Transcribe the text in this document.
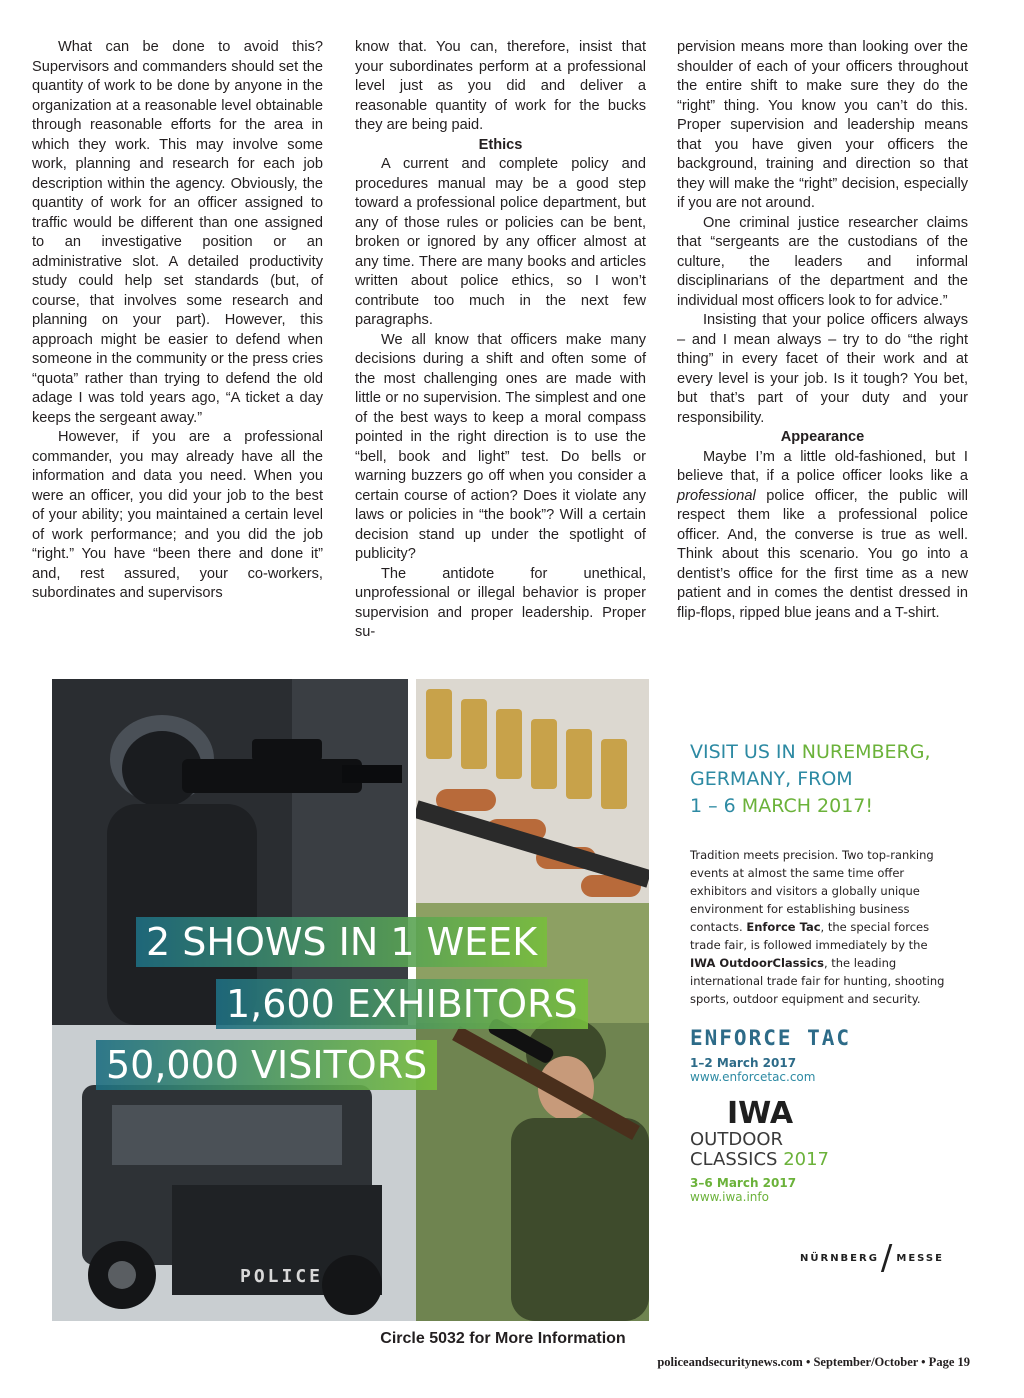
What can be done to avoid this? Supervisors and commanders should set the quantity of work to be done by anyone in the organization at a reasonable level obtainable through reasonable efforts for the area in which they work. This may involve some work, planning and research for each job description within the agency. Obviously, the quantity of work for an officer assigned to traffic would be different than one assigned to an investigative position or an administrative slot. A detailed productivity study could help set standards (but, of course, that involves some research and planning on your part). However, this approach might be easier to defend when someone in the community or the press cries “quota” rather than trying to defend the old adage I was told years ago, “A ticket a day keeps the sergeant away.”

However, if you are a professional commander, you may already have all the information and data you need. When you were an officer, you did your job to the best of your ability; you maintained a certain level of work performance; and you did the job “right.” You have “been there and done it” and, rest assured, your co-workers, subordinates and supervisors

know that. You can, therefore, insist that your subordinates perform at a professional level just as you did and deliver a reasonable quantity of work for the bucks they are being paid.

Ethics

A current and complete policy and procedures manual may be a good step toward a professional police department, but any of those rules or policies can be bent, broken or ignored by any officer almost at any time. There are many books and articles written about police ethics, so I won’t contribute too much in the next few paragraphs.

We all know that officers make many decisions during a shift and often some of the most challenging ones are made with little or no supervision. The simplest and one of the best ways to keep a moral compass pointed in the right direction is to use the “bell, book and light” test. Do bells or warning buzzers go off when you consider a certain course of action? Does it violate any laws or policies in “the book”? Will a certain decision stand up under the spotlight of publicity?

The antidote for unethical, unprofessional or illegal behavior is proper supervision and proper leadership. Proper su-

pervision means more than looking over the shoulder of each of your officers throughout the entire shift to make sure they do the “right” thing. You know you can’t do this. Proper supervision and leadership means that you have given your officers the background, training and direction so that they will make the “right” decision, especially if you are not around.

One criminal justice researcher claims that “sergeants are the custodians of the culture, the leaders and informal disciplinarians of the department and the individual most officers look to for advice.”

Insisting that your police officers always – and I mean always – try to do “the right thing” in every facet of their work and at every level is your job. Is it tough? You bet, but that’s part of your duty and your responsibility.

Appearance

Maybe I’m a little old-fashioned, but I believe that, if a police officer looks like a professional police officer, the public will respect them like a professional police officer. And, the converse is true as well. Think about this scenario. You go into a dentist’s office for the first time as a new patient and in comes the dentist dressed in flip-flops, ripped blue jeans and a T-shirt.

POLICE
2 SHOWS IN 1 WEEK
1,600 EXHIBITORS
50,000 VISITORS

VISIT US IN NUREMBERG,
GERMANY, FROM
1 – 6 MARCH 2017!

Tradition meets precision. Two top-ranking events at almost the same time offer exhibitors and visitors a globally unique environment for establishing business contacts. Enforce Tac, the special forces trade fair, is followed immediately by the IWA OutdoorClassics, the leading international trade fair for hunting, shooting sports, outdoor equipment and security.

ENFORCE TAC

1–2 March 2017

www.enforcetac.com

IWA

OUTDOOR
CLASSICS 2017

3–6 March 2017

www.iwa.info

NÜRNBERG/ MESSE
Circle 5032 for More Information
policeandsecuritynews.com • September/October • Page 19
